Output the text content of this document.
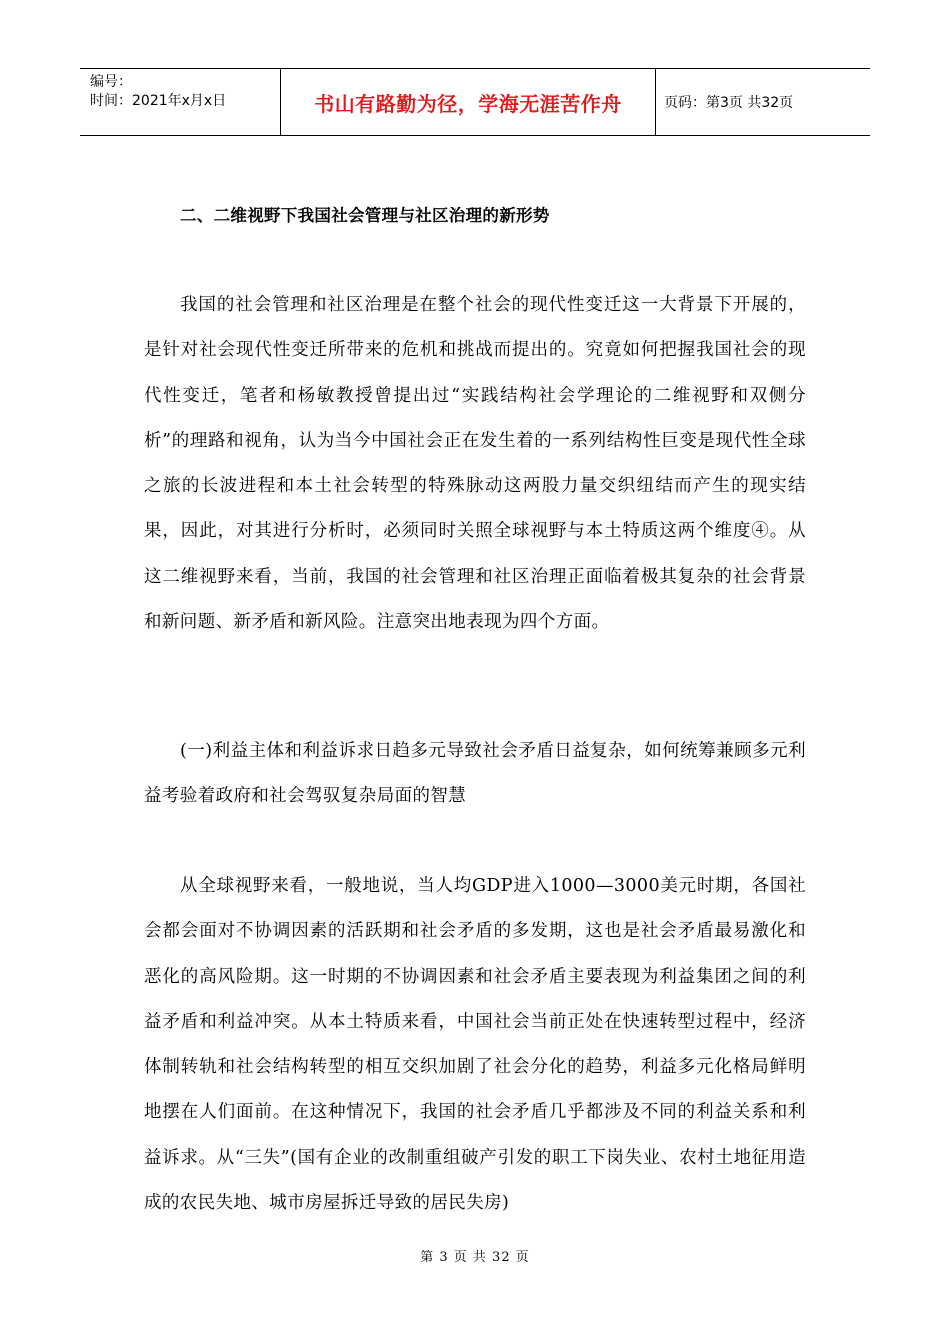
编号：
时间：2021年x月x日	书山有路勤为径，学海无涯苦作舟	页码：第3页 共32页
二、二维视野下我国社会管理与社区治理的新形势

我国的社会管理和社区治理是在整个社会的现代性变迁这一大背景下开展的，是针对社会现代性变迁所带来的危机和挑战而提出的。究竟如何把握我国社会的现代性变迁，笔者和杨敏教授曾提出过“实践结构社会学理论的二维视野和双侧分析”的理路和视角，认为当今中国社会正在发生着的一系列结构性巨变是现代性全球之旅的长波进程和本土社会转型的特殊脉动这两股力量交织纽结而产生的现实结果，因此，对其进行分析时，必须同时关照全球视野与本土特质这两个维度④。从这二维视野来看，当前，我国的社会管理和社区治理正面临着极其复杂的社会背景和新问题、新矛盾和新风险。注意突出地表现为四个方面。

(一)利益主体和利益诉求日趋多元导致社会矛盾日益复杂，如何统筹兼顾多元利益考验着政府和社会驾驭复杂局面的智慧

从全球视野来看，一般地说，当人均GDP进入1000—3000美元时期，各国社会都会面对不协调因素的活跃期和社会矛盾的多发期，这也是社会矛盾最易激化和恶化的高风险期。这一时期的不协调因素和社会矛盾主要表现为利益集团之间的利益矛盾和利益冲突。从本土特质来看，中国社会当前正处在快速转型过程中，经济体制转轨和社会结构转型的相互交织加剧了社会分化的趋势，利益多元化格局鲜明地摆在人们面前。在这种情况下，我国的社会矛盾几乎都涉及不同的利益关系和利益诉求。从“三失”(国有企业的改制重组破产引发的职工下岗失业、农村土地征用造成的农民失地、城市房屋拆迁导致的居民失房)

第 3 页 共 32 页
